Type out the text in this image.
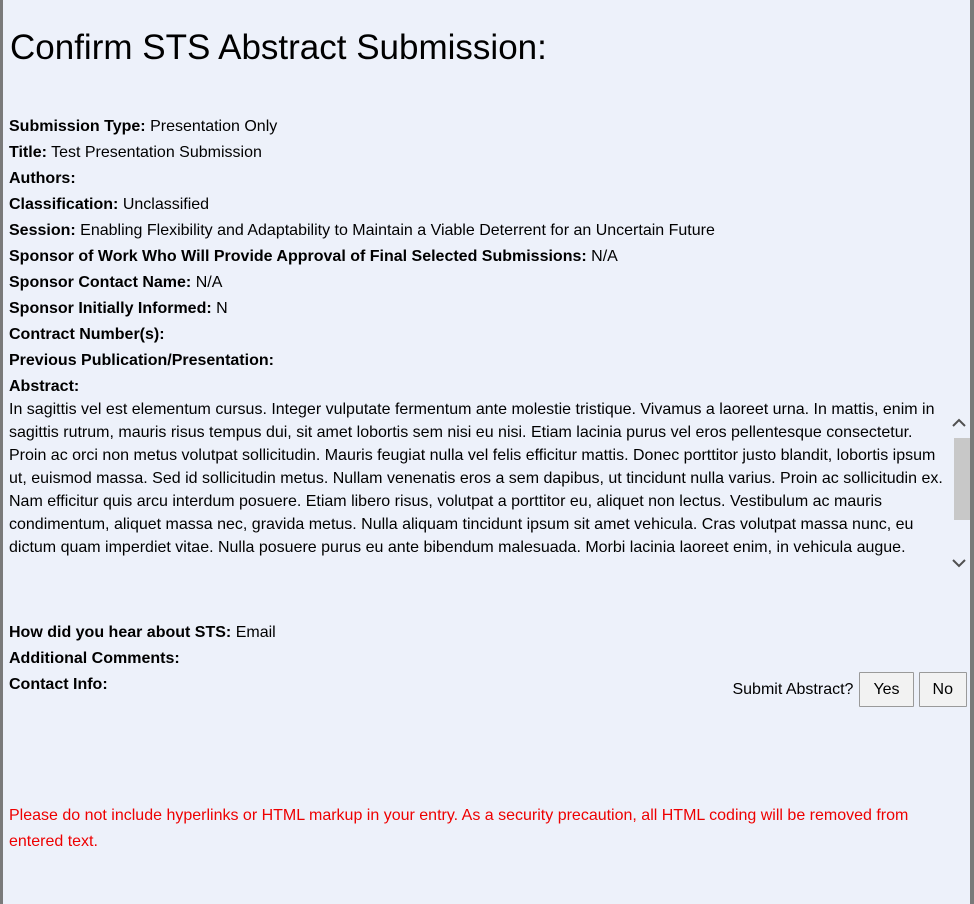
Confirm STS Abstract Submission:
Submission Type: Presentation Only
Title: Test Presentation Submission
Authors:
Classification: Unclassified
Session: Enabling Flexibility and Adaptability to Maintain a Viable Deterrent for an Uncertain Future
Sponsor of Work Who Will Provide Approval of Final Selected Submissions: N/A
Sponsor Contact Name: N/A
Sponsor Initially Informed: N
Contract Number(s):
Previous Publication/Presentation:
Abstract:

In sagittis vel est elementum cursus. Integer vulputate fermentum ante molestie tristique. Vivamus a laoreet urna. In mattis, enim in sagittis rutrum, mauris risus tempus dui, sit amet lobortis sem nisi eu nisi. Etiam lacinia purus vel eros pellentesque consectetur. Proin ac orci non metus volutpat sollicitudin. Mauris feugiat nulla vel felis efficitur mattis. Donec porttitor justo blandit, lobortis ipsum ut, euismod massa. Sed id sollicitudin metus. Nullam venenatis eros a sem dapibus, ut tincidunt nulla varius. Proin ac sollicitudin ex. Nam efficitur quis arcu interdum posuere. Etiam libero risus, volutpat a porttitor eu, aliquet non lectus. Vestibulum ac mauris condimentum, aliquet massa nec, gravida metus. Nulla aliquam tincidunt ipsum sit amet vehicula. Cras volutpat massa nunc, eu dictum quam imperdiet vitae. Nulla posuere purus eu ante bibendum malesuada. Morbi lacinia laoreet enim, in vehicula augue.

How did you hear about STS: Email
Additional Comments:
Contact Info:	Submit Abstract?	Yes	No

Please do not include hyperlinks or HTML markup in your entry. As a security precaution, all HTML coding will be removed from entered text.
